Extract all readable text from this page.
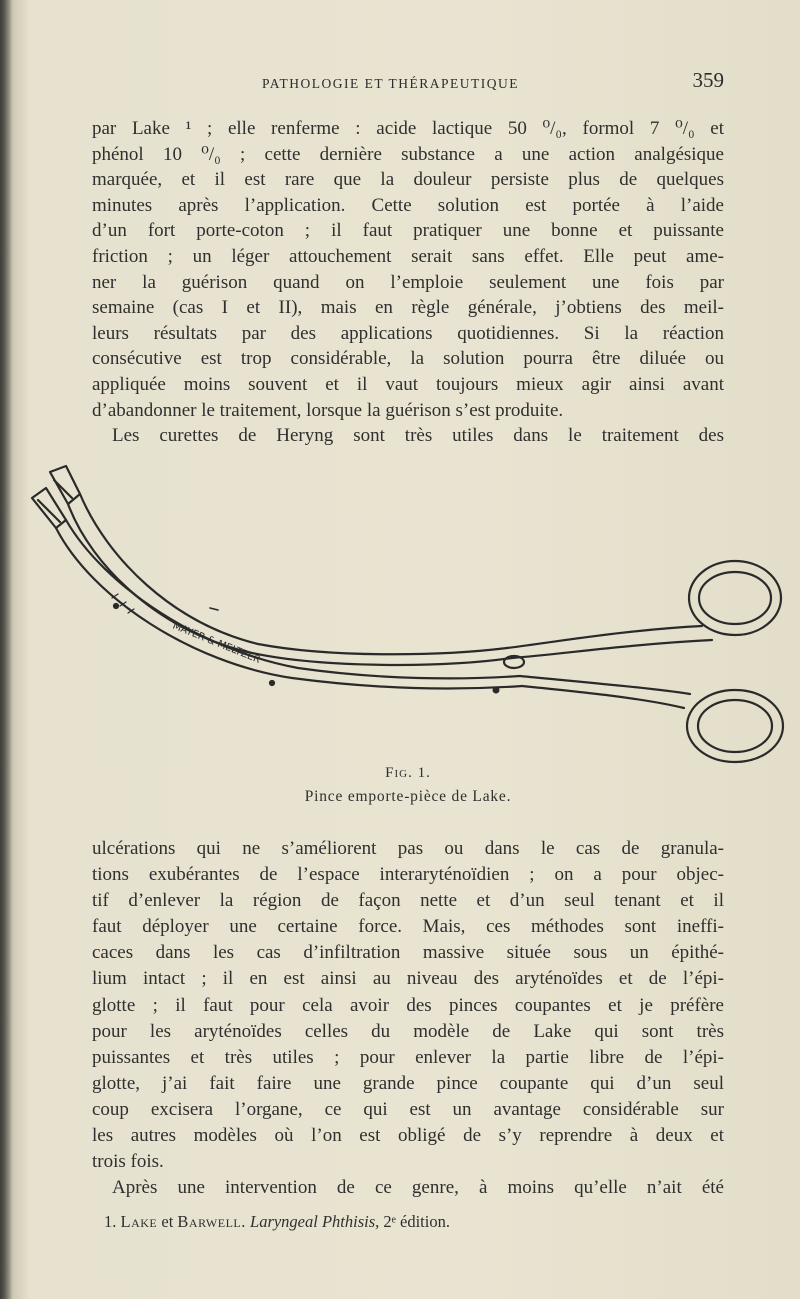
PATHOLOGIE ET THÉRAPEUTIQUE	359
par Lake ¹ ; elle renferme : acide lactique 50 ⁰/₀, formol 7 ⁰/₀ et
phénol 10 ⁰/₀ ; cette dernière substance a une action analgésique
marquée, et il est rare que la douleur persiste plus de quelques
minutes après l’application. Cette solution est portée à l’aide
d’un fort porte-coton ; il faut pratiquer une bonne et puissante
friction ; un léger attouchement serait sans effet. Elle peut ame-
ner la guérison quand on l’emploie seulement une fois par
semaine (cas I et II), mais en règle générale, j’obtiens des meil-
leurs résultats par des applications quotidiennes. Si la réaction
consécutive est trop considérable, la solution pourra être diluée ou
appliquée moins souvent et il vaut toujours mieux agir ainsi avant
d’abandonner le traitement, lorsque la guérison s’est produite.
Les curettes de Heryng sont très utiles dans le traitement des
MAYER & MELTZER
Fig. 1.
Pince emporte-pièce de Lake.
ulcérations qui ne s’améliorent pas ou dans le cas de granula-
tions exubérantes de l’espace interaryténoïdien ; on a pour objec-
tif d’enlever la région de façon nette et d’un seul tenant et il
faut déployer une certaine force. Mais, ces méthodes sont ineffi-
caces dans les cas d’infiltration massive située sous un épithé-
lium intact ; il en est ainsi au niveau des aryténoïdes et de l’épi-
glotte ; il faut pour cela avoir des pinces coupantes et je préfère
pour les aryténoïdes celles du modèle de Lake qui sont très
puissantes et très utiles ; pour enlever la partie libre de l’épi-
glotte, j’ai fait faire une grande pince coupante qui d’un seul
coup excisera l’organe, ce qui est un avantage considérable sur
les autres modèles où l’on est obligé de s’y reprendre à deux et
trois fois.
Après une intervention de ce genre, à moins qu’elle n’ait été
1. Lake et Barwell. Laryngeal Phthisis, 2ᵉ édition.
